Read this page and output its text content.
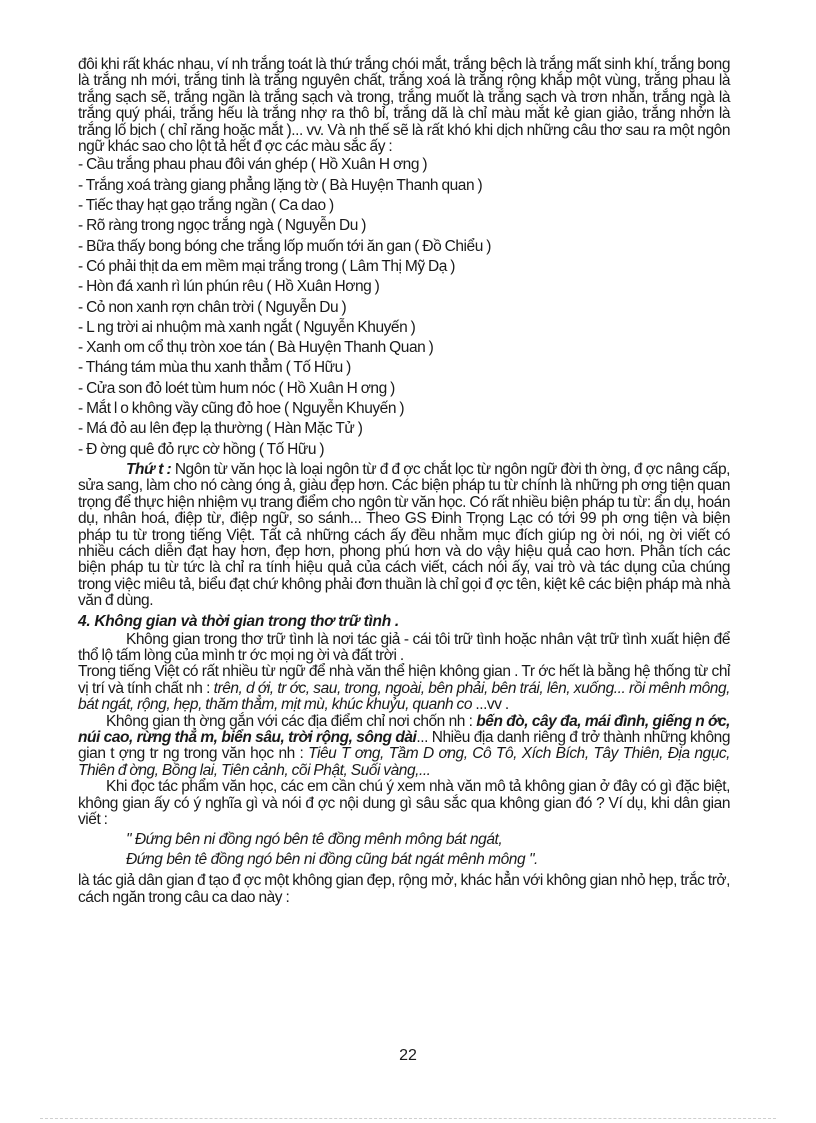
đôi khi rất khác nhau, ví nh trắng toát là thứ trắng chói mắt, trắng bệch là trắng mất sinh khí, trắng bong là trắng nh mới, trắng tinh là trắng nguyên chất, trắng xoá là trắng rộng khắp một vùng, trắng phau là trắng sạch sẽ, trắng ngần là trắng sạch và trong, trắng muốt là trắng sạch và trơn nhẵn, trắng ngà là trắng quý phái, trắng hếu là trắng nhợ ra thô bỉ, trắng dã là chỉ màu mắt kẻ gian giảo, trắng nhởn là trắng lố bịch ( chỉ răng hoặc mắt )... vv. Và nh thế sẽ là rất khó khi dịch những câu thơ sau ra một ngôn ngữ khác sao cho lột tả hết đ ợc các màu sắc ấy :

- Cầu trắng phau phau đôi ván ghép ( Hồ Xuân H ơng )
- Trắng xoá tràng giang phẳng lặng tờ ( Bà Huyện Thanh quan )
- Tiếc thay hạt gạo trắng ngần ( Ca dao )
- Rõ ràng trong ngọc trắng ngà ( Nguyễn Du )
- Bữa thấy bong bóng che trắng lốp muốn tới ăn gan ( Đồ Chiểu )
- Có phải thịt da em mềm mại trắng trong ( Lâm Thị Mỹ Dạ )
- Hòn đá xanh rì lún phún rêu ( Hồ Xuân Hơng )
- Cỏ non xanh rợn chân trời ( Nguyễn Du )
- L ng trời ai nhuộm mà xanh ngắt ( Nguyễn Khuyến )
- Xanh om cổ thụ tròn xoe tán ( Bà Huyện Thanh Quan )
- Tháng tám mùa thu xanh thẳm ( Tố Hữu )
- Cửa son đỏ loét tùm hum nóc ( Hồ Xuân H ơng )
- Mắt l o không vầy cũng đỏ hoe ( Nguyễn Khuyến )
- Má đỏ au lên đẹp lạ thường ( Hàn Mặc Tử )
- Đ ờng quê đỏ rực cờ hồng ( Tố Hữu )

Thứ t : Ngôn từ văn học là loại ngôn từ đ đ ợc chắt lọc từ ngôn ngữ đời th ờng, đ ợc nâng cấp, sửa sang, làm cho nó càng óng ả, giàu đẹp hơn. Các biện pháp tu từ chính là những ph ơng tiện quan trọng để thực hiện nhiệm vụ trang điểm cho ngôn từ văn học. Có rất nhiều biện pháp tu từ: ẩn dụ, hoán dụ, nhân hoá, điệp từ, điệp ngữ, so sánh... Theo GS Đinh Trọng Lạc có tới 99 ph ơng tiện và biện pháp tu từ trong tiếng Việt. Tất cả những cách ấy đều nhằm mục đích giúp ng ời nói, ng ời viết có nhiều cách diễn đạt hay hơn, đẹp hơn, phong phú hơn và do vậy hiệu quả cao hơn. Phân tích các biện pháp tu từ tức là chỉ ra tính hiệu quả của cách viết, cách nói ấy, vai trò và tác dụng của chúng trong việc miêu tả, biểu đạt chứ không phải đơn thuần là chỉ gọi đ ợc tên, kiệt kê các biện pháp mà nhà văn đ dùng.

4. Không gian và thời gian trong thơ trữ tình .

Không gian trong thơ trữ tình là nơi tác giả - cái tôi trữ tình hoặc nhân vật trữ tình xuất hiện để thổ lộ tấm lòng của mình tr ớc mọi ng ời và đất trời .

Trong tiếng Việt có rất nhiều từ ngữ để nhà văn thể hiện không gian . Tr ớc hết là bằng hệ thống từ chỉ vị trí và tính chất nh : trên, d ới, tr ớc, sau, trong, ngoài, bên phải, bên trái, lên, xuống... rồi mênh mông, bát ngát, rộng, hẹp, thăm thẳm, mịt mù, khúc khuỷu, quanh co ...vv .

Không gian th ờng gắn với các địa điểm chỉ nơi chốn nh : bến đò, cây đa, mái đình, giếng n ớc, núi cao, rừng thẳ m, biển sâu, trời rộng, sông dài... Nhiều địa danh riêng đ trở thành những không gian t ợng tr ng trong văn học nh : Tiêu T ơng, Tầm D ơng, Cô Tô, Xích Bích, Tây Thiên, Địa ngục, Thiên đ ờng, Bồng lai, Tiên cảnh, cõi Phật, Suối vàng,...

Khi đọc tác phẩm văn học, các em cần chú ý xem nhà văn mô tả không gian ở đây có gì đặc biệt, không gian ấy có ý nghĩa gì và nói đ ợc nội dung gì sâu sắc qua không gian đó ? Ví dụ, khi dân gian viết :

" Đứng bên ni đồng ngó bên tê đồng mênh mông bát ngát,
Đứng bên tê đồng ngó bên ni đồng cũng bát ngát mênh mông ".

là tác giả dân gian đ tạo đ ợc một không gian đẹp, rộng mở, khác hẳn với không gian nhỏ hẹp, trắc trở, cách ngăn trong câu ca dao này :

22
